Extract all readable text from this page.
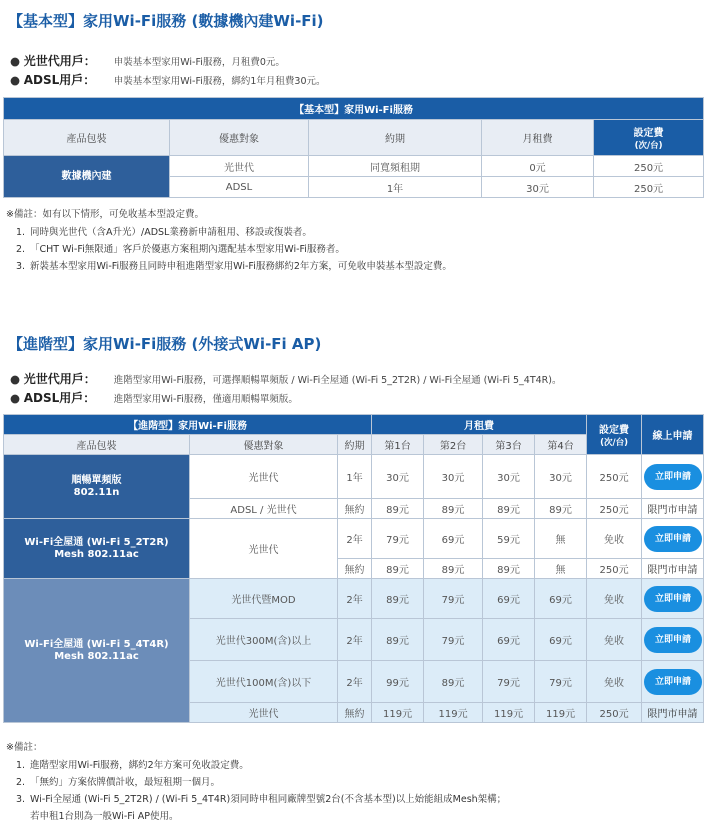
【基本型】家用Wi-Fi服務 (數據機內建Wi-Fi)
● 光世代用戶： 申裝基本型家用Wi-Fi服務，月租費0元。
● ADSL用戶： 申裝基本型家用Wi-Fi服務，綁約1年月租費30元。
【基本型】家用Wi-Fi服務				
產品包裝	優惠對象	約期	月租費	設定費
(次/台)

數據機內建	光世代	同寬頻租期	0元	250元
	ADSL	1年	30元	250元
※備註：如有以下情形，可免收基本型設定費。
1. 同時與光世代（含A升光）/ADSL業務新申請租用、移設或復裝者。
2. 「CHT Wi-Fi無限通」客戶於優惠方案租期內選配基本型家用Wi-Fi服務者。
3. 新裝基本型家用Wi-Fi服務且同時申租進階型家用Wi-Fi服務綁約2年方案，可免收申裝基本型設定費。
【進階型】家用Wi-Fi服務 (外接式Wi-Fi AP)
● 光世代用戶： 進階型家用Wi-Fi服務，可選擇順暢單頻版 / Wi-Fi全屋通 (Wi-Fi 5_2T2R) / Wi-Fi全屋通 (Wi-Fi 5_4T4R)。
● ADSL用戶： 進階型家用Wi-Fi服務，僅適用順暢單頻版。
【進階型】家用Wi-Fi服務			月租費				設定費
(次/台)	線上申請
產品包裝	優惠對象	約期	第1台	第2台	第3台	第4台		

順暢單頻版
802.11n	光世代	1年	30元	30元	30元	30元	250元	立即申請
	ADSL / 光世代	無約	89元	89元	89元	89元	250元	限門市申請

Wi-Fi全屋通 (Wi-Fi 5_2T2R)
Mesh 802.11ac	光世代	2年	79元	69元	59元	無	免收	立即申請
		無約	89元	89元	89元	無	250元	限門市申請

Wi-Fi全屋通 (Wi-Fi 5_4T4R)
Mesh 802.11ac	光世代暨MOD	2年	89元	79元	69元	69元	免收	立即申請
	光世代300M(含)以上	2年	89元	79元	69元	69元	免收	立即申請
	光世代100M(含)以下	2年	99元	89元	79元	79元	免收	立即申請
	光世代	無約	119元	119元	119元	119元	250元	限門市申請
※備註：
1. 進階型家用Wi-Fi服務，綁約2年方案可免收設定費。
2. 「無約」方案依牌價計收，最短租期一個月。
3. Wi-Fi全屋通 (Wi-Fi 5_2T2R) / (Wi-Fi 5_4T4R)須同時申租同廠牌型號2台(不含基本型)以上始能組成Mesh架構；
若申租1台則為一般Wi-Fi AP使用。
